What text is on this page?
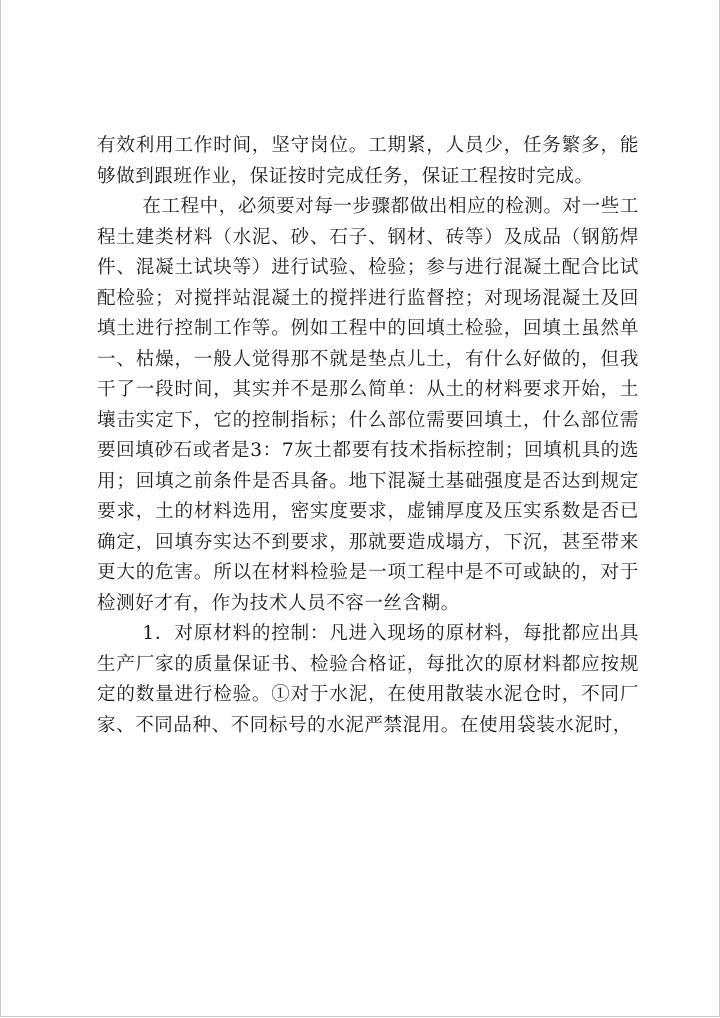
有效利用工作时间，坚守岗位。工期紧，人员少，任务繁多，能够做到跟班作业，保证按时完成任务，保证工程按时完成。

在工程中，必须要对每一步骤都做出相应的检测。对一些工程土建类材料（水泥、砂、石子、钢材、砖等）及成品（钢筋焊件、混凝土试块等）进行试验、检验；参与进行混凝土配合比试配检验；对搅拌站混凝土的搅拌进行监督控；对现场混凝土及回填土进行控制工作等。例如工程中的回填土检验，回填土虽然单一、枯燥，一般人觉得那不就是垫点儿土，有什么好做的，但我干了一段时间，其实并不是那么简单：从土的材料要求开始，土壤击实定下，它的控制指标；什么部位需要回填土，什么部位需要回填砂石或者是3：7灰土都要有技术指标控制；回填机具的选用；回填之前条件是否具备。地下混凝土基础强度是否达到规定要求，土的材料选用，密实度要求，虚铺厚度及压实系数是否已确定，回填夯实达不到要求，那就要造成塌方，下沉，甚至带来更大的危害。所以在材料检验是一项工程中是不可或缺的，对于检测好才有，作为技术人员不容一丝含糊。

1．对原材料的控制：凡进入现场的原材料，每批都应出具生产厂家的质量保证书、检验合格证，每批次的原材料都应按规定的数量进行检验。①对于水泥，在使用散装水泥仓时，不同厂家、不同品种、不同标号的水泥严禁混用。在使用袋装水泥时，
